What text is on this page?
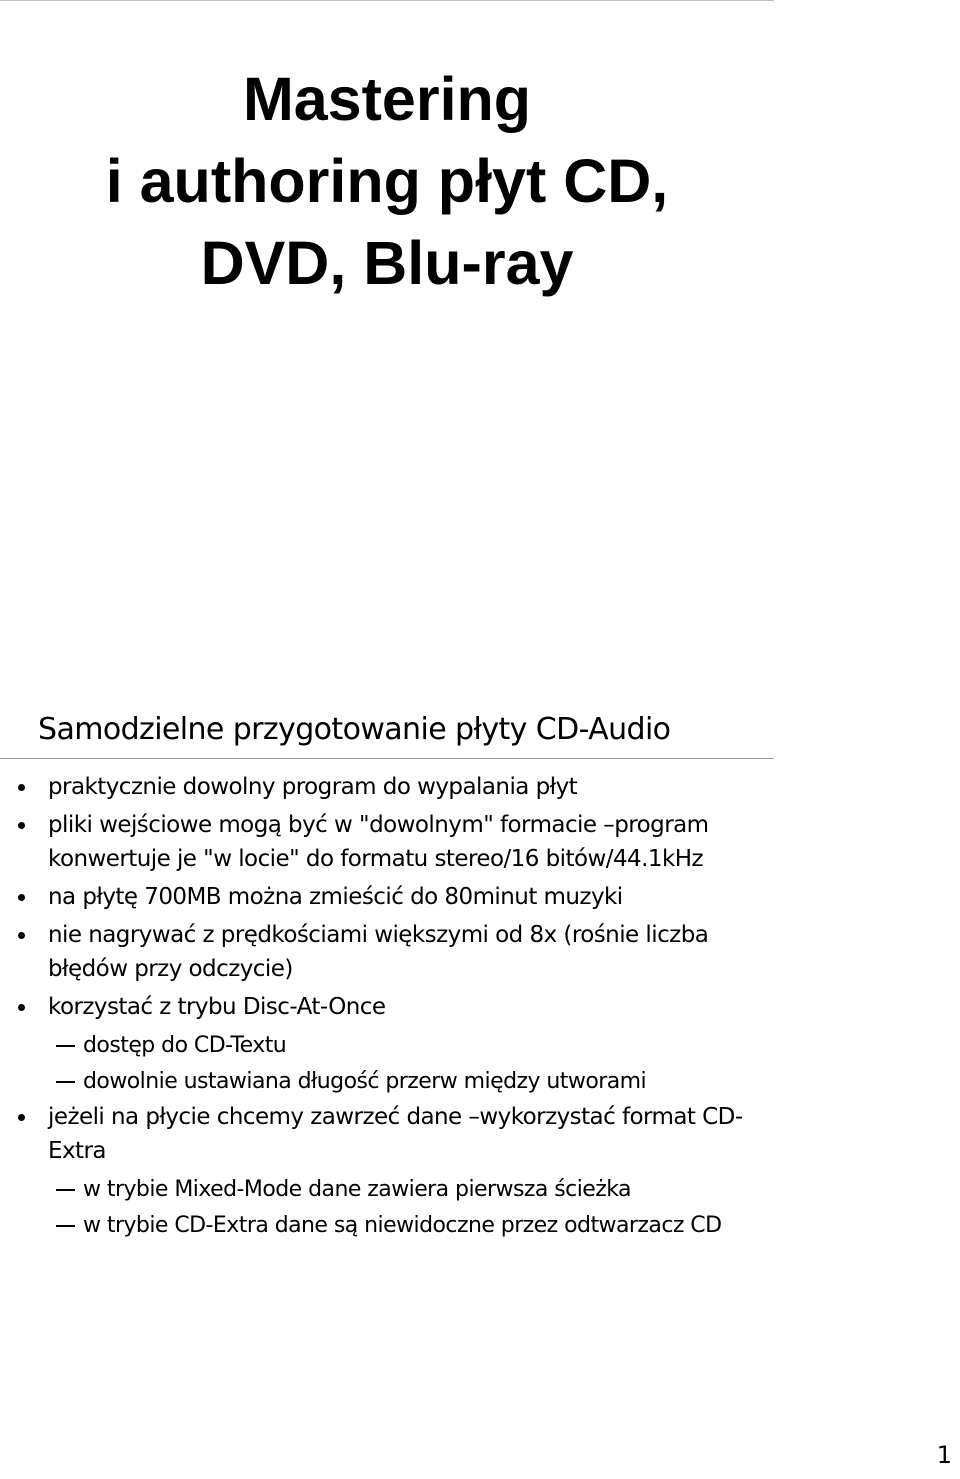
Mastering
i authoring płyt CD,
DVD, Blu-ray
Samodzielne przygotowanie płyty CD-Audio
praktycznie dowolny program do wypalania płyt
pliki wejściowe mogą być w "dowolnym" formacie –program konwertuje je "w locie" do formatu stereo/16 bitów/44.1kHz
na płytę 700MB można zmieścić do 80minut muzyki
nie nagrywać z prędkościami większymi od 8x (rośnie liczba błędów przy odczycie)
korzystać z trybu Disc-At-Once
dostęp do CD-Textu
dowolnie ustawiana długość przerw między utworami
jeżeli na płycie chcemy zawrzeć dane –wykorzystać format CD-Extra
w trybie Mixed-Mode dane zawiera pierwsza ścieżka
w trybie CD-Extra dane są niewidoczne przez odtwarzacz CD
1
